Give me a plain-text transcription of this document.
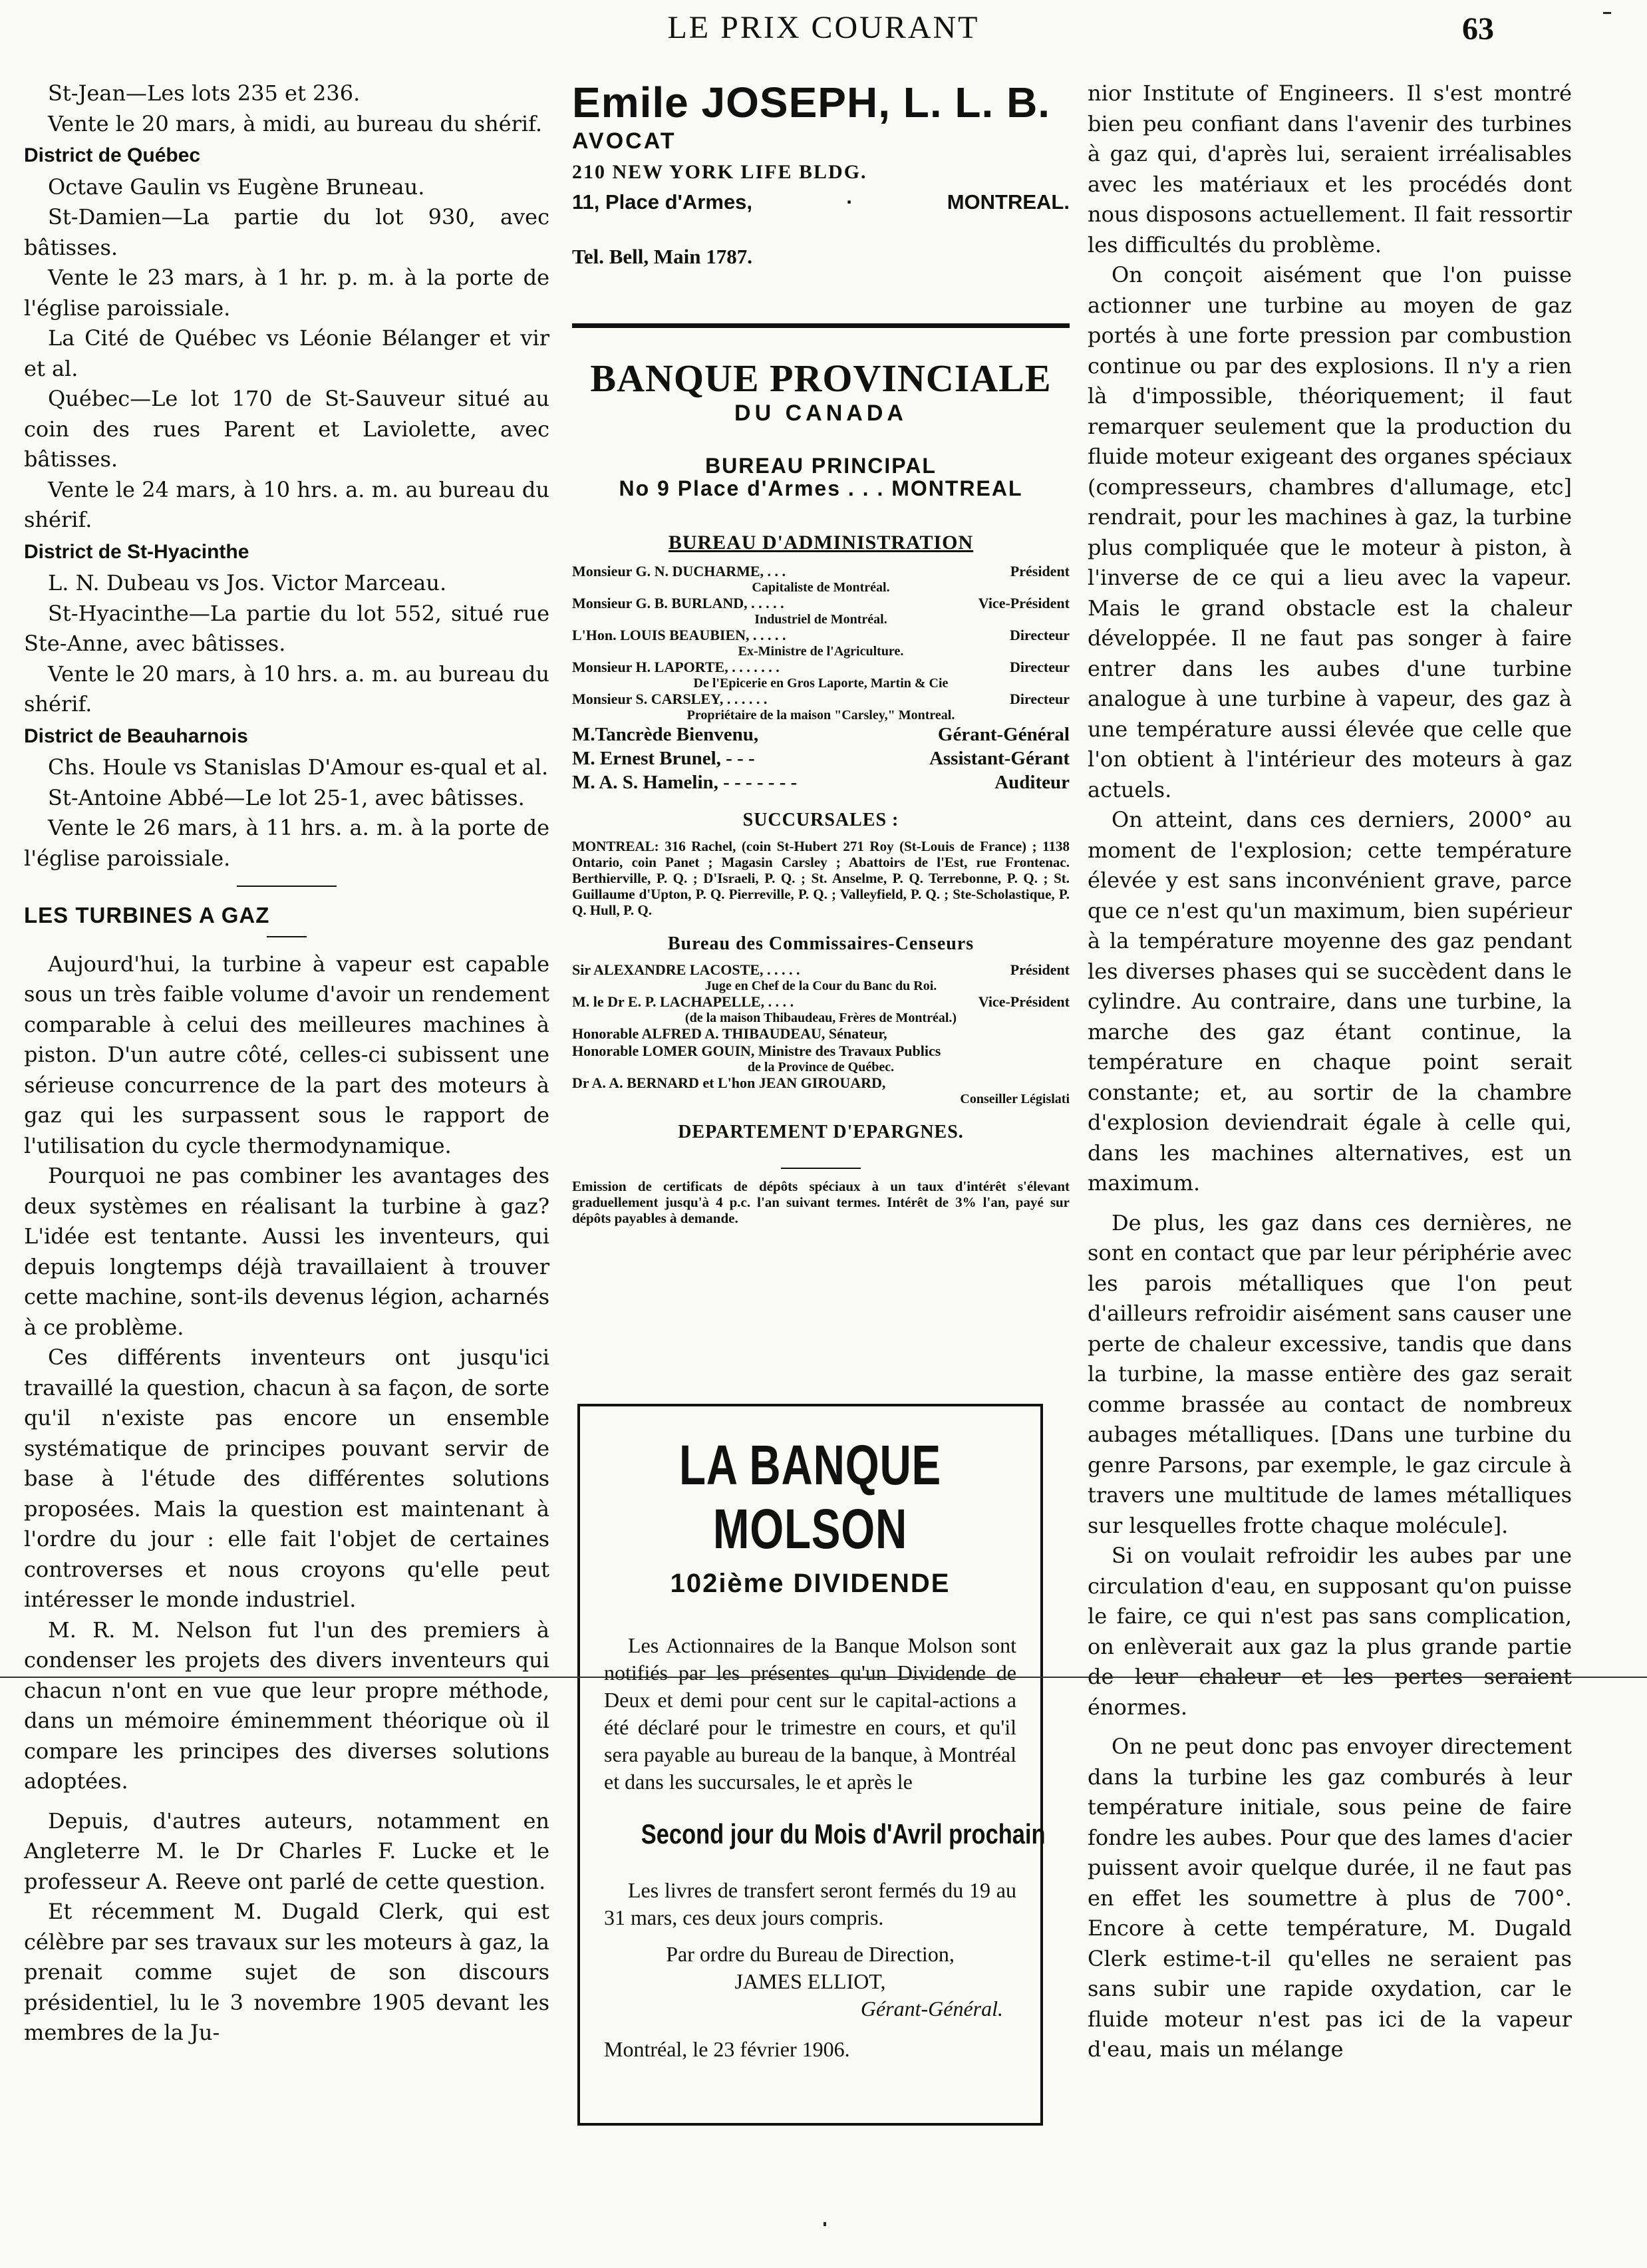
LE PRIX COURANT	63

St-Jean—Les lots 235 et 236.

Vente le 20 mars, à midi, au bureau du shérif.

District de Québec

Octave Gaulin vs Eugène Bruneau.

St-Damien—La partie du lot 930, avec bâtisses.

Vente le 23 mars, à 1 hr. p. m. à la porte de l'église paroissiale.

La Cité de Québec vs Léonie Bélanger et vir et al.

Québec—Le lot 170 de St-Sauveur situé au coin des rues Parent et Laviolette, avec bâtisses.

Vente le 24 mars, à 10 hrs. a. m. au bureau du shérif.

District de St-Hyacinthe

L. N. Dubeau vs Jos. Victor Marceau.

St-Hyacinthe—La partie du lot 552, situé rue Ste-Anne, avec bâtisses.

Vente le 20 mars, à 10 hrs. a. m. au bureau du shérif.

District de Beauharnois

Chs. Houle vs Stanislas D'Amour es-qual et al.

St-Antoine Abbé—Le lot 25-1, avec bâtisses.

Vente le 26 mars, à 11 hrs. a. m. à la porte de l'église paroissiale.

LES TURBINES A GAZ

Aujourd'hui, la turbine à vapeur est capable sous un très faible volume d'avoir un rendement comparable à celui des meilleures machines à piston. D'un autre côté, celles-ci subissent une sérieuse concurrence de la part des moteurs à gaz qui les surpassent sous le rapport de l'utilisation du cycle thermodynamique.

Pourquoi ne pas combiner les avantages des deux systèmes en réalisant la turbine à gaz? L'idée est tentante. Aussi les inventeurs, qui depuis longtemps déjà travaillaient à trouver cette machine, sont-ils devenus légion, acharnés à ce problème.

Ces différents inventeurs ont jusqu'ici travaillé la question, chacun à sa façon, de sorte qu'il n'existe pas encore un ensemble systématique de principes pouvant servir de base à l'étude des différentes solutions proposées. Mais la question est maintenant à l'ordre du jour : elle fait l'objet de certaines controverses et nous croyons qu'elle peut intéresser le monde industriel.

M. R. M. Nelson fut l'un des premiers à condenser les projets des divers inventeurs qui chacun n'ont en vue que leur propre méthode, dans un mémoire éminemment théorique où il compare les principes des diverses solutions adoptées.

Depuis, d'autres auteurs, notamment en Angleterre M. le Dr Charles F. Lucke et le professeur A. Reeve ont parlé de cette question.

Et récemment M. Dugald Clerk, qui est célèbre par ses travaux sur les moteurs à gaz, la prenait comme sujet de son discours présidentiel, lu le 3 novembre 1905 devant les membres de la Ju-

Emile JOSEPH, L. L. B.

AVOCAT

210 NEW YORK LIFE BLDG.

11, Place d'Armes,	·	MONTREAL.

Tel. Bell, Main 1787.

BANQUE PROVINCIALE
DU CANADA
BUREAU PRINCIPAL
No 9 Place d'Armes . . . MONTREAL
BUREAU D'ADMINISTRATION
Monsieur G. N. DUCHARME, . . .	Président
Capitaliste de Montréal.
Monsieur G. B. BURLAND, . . . . .	Vice-Président
Industriel de Montréal.
L'Hon. LOUIS BEAUBIEN, . . . . .	Directeur
Ex-Ministre de l'Agriculture.
Monsieur H. LAPORTE, . . . . . . .	Directeur
De l'Epicerie en Gros Laporte, Martin & Cie
Monsieur S. CARSLEY, . . . . . .	Directeur
Propriétaire de la maison "Carsley," Montreal.
M.Tancrède Bienvenu,	Gérant-Général
M. Ernest Brunel, - - -	Assistant-Gérant
M. A. S. Hamelin, - - - - - - -	Auditeur
SUCCURSALES :
MONTREAL: 316 Rachel, (coin St-Hubert 271 Roy (St-Louis de France) ; 1138 Ontario, coin Panet ; Magasin Carsley ; Abattoirs de l'Est, rue Frontenac. Berthierville, P. Q. ; D'Israeli, P. Q. ; St. Anselme, P. Q. Terrebonne, P. Q. ; St. Guillaume d'Upton, P. Q. Pierreville, P. Q. ; Valleyfield, P. Q. ; Ste-Scholastique, P. Q. Hull, P. Q.
Bureau des Commissaires-Censeurs
Sir ALEXANDRE LACOSTE, . . . . .	Président
Juge en Chef de la Cour du Banc du Roi.
M. le Dr E. P. LACHAPELLE, . . . .	Vice-Président
(de la maison Thibaudeau, Frères de Montréal.)
Honorable ALFRED A. THIBAUDEAU, Sénateur,
Honorable LOMER GOUIN, Ministre des Travaux Publics
de la Province de Québec.
Dr A. A. BERNARD et L'hon JEAN GIROUARD,
Conseiller Législati
DEPARTEMENT D'EPARGNES.
Emission de certificats de dépôts spéciaux à un taux d'intérêt s'élevant graduellement jusqu'à 4 p.c. l'an suivant termes. Intérêt de 3% l'an, payé sur dépôts payables à demande.
LA BANQUE MOLSON
102ième DIVIDENDE

Les Actionnaires de la Banque Molson sont notifiés par les présentes qu'un Dividende de Deux et demi pour cent sur le capital-actions a été déclaré pour le trimestre en cours, et qu'il sera payable au bureau de la banque, à Montréal et dans les succursales, le et après le

Second jour du Mois d'Avril prochain

Les livres de transfert seront fermés du 19 au 31 mars, ces deux jours compris.

Par ordre du Bureau de Direction,
JAMES ELLIOT,
Gérant-Général.
Montréal, le 23 février 1906.

nior Institute of Engineers. Il s'est montré bien peu confiant dans l'avenir des turbines à gaz qui, d'après lui, seraient irréalisables avec les matériaux et les procédés dont nous disposons actuellement. Il fait ressortir les difficultés du problème.

On conçoit aisément que l'on puisse actionner une turbine au moyen de gaz portés à une forte pression par combustion continue ou par des explosions. Il n'y a rien là d'impossible, théoriquement; il faut remarquer seulement que la production du fluide moteur exigeant des organes spéciaux (compresseurs, chambres d'allumage, etc] rendrait, pour les machines à gaz, la turbine plus compliquée que le moteur à piston, à l'inverse de ce qui a lieu avec la vapeur. Mais le grand obstacle est la chaleur développée. Il ne faut pas songer à faire entrer dans les aubes d'une turbine analogue à une turbine à vapeur, des gaz à une température aussi élevée que celle que l'on obtient à l'intérieur des moteurs à gaz actuels.

On atteint, dans ces derniers, 2000° au moment de l'explosion; cette température élevée y est sans inconvénient grave, parce que ce n'est qu'un maximum, bien supérieur à la température moyenne des gaz pendant les diverses phases qui se succèdent dans le cylindre. Au contraire, dans une turbine, la marche des gaz étant continue, la température en chaque point serait constante; et, au sortir de la chambre d'explosion deviendrait égale à celle qui, dans les machines alternatives, est un maximum.

De plus, les gaz dans ces dernières, ne sont en contact que par leur périphérie avec les parois métalliques que l'on peut d'ailleurs refroidir aisément sans causer une perte de chaleur excessive, tandis que dans la turbine, la masse entière des gaz serait comme brassée au contact de nombreux aubages métalliques. [Dans une turbine du genre Parsons, par exemple, le gaz circule à travers une multitude de lames métalliques sur lesquelles frotte chaque molécule].

Si on voulait refroidir les aubes par une circulation d'eau, en supposant qu'on puisse le faire, ce qui n'est pas sans complication, on enlèverait aux gaz la plus grande partie de leur chaleur et les pertes seraient énormes.

On ne peut donc pas envoyer directement dans la turbine les gaz comburés à leur température initiale, sous peine de faire fondre les aubes. Pour que des lames d'acier puissent avoir quelque durée, il ne faut pas en effet les soumettre à plus de 700°. Encore à cette température, M. Dugald Clerk estime-t-il qu'elles ne seraient pas sans subir une rapide oxydation, car le fluide moteur n'est pas ici de la vapeur d'eau, mais un mélange
